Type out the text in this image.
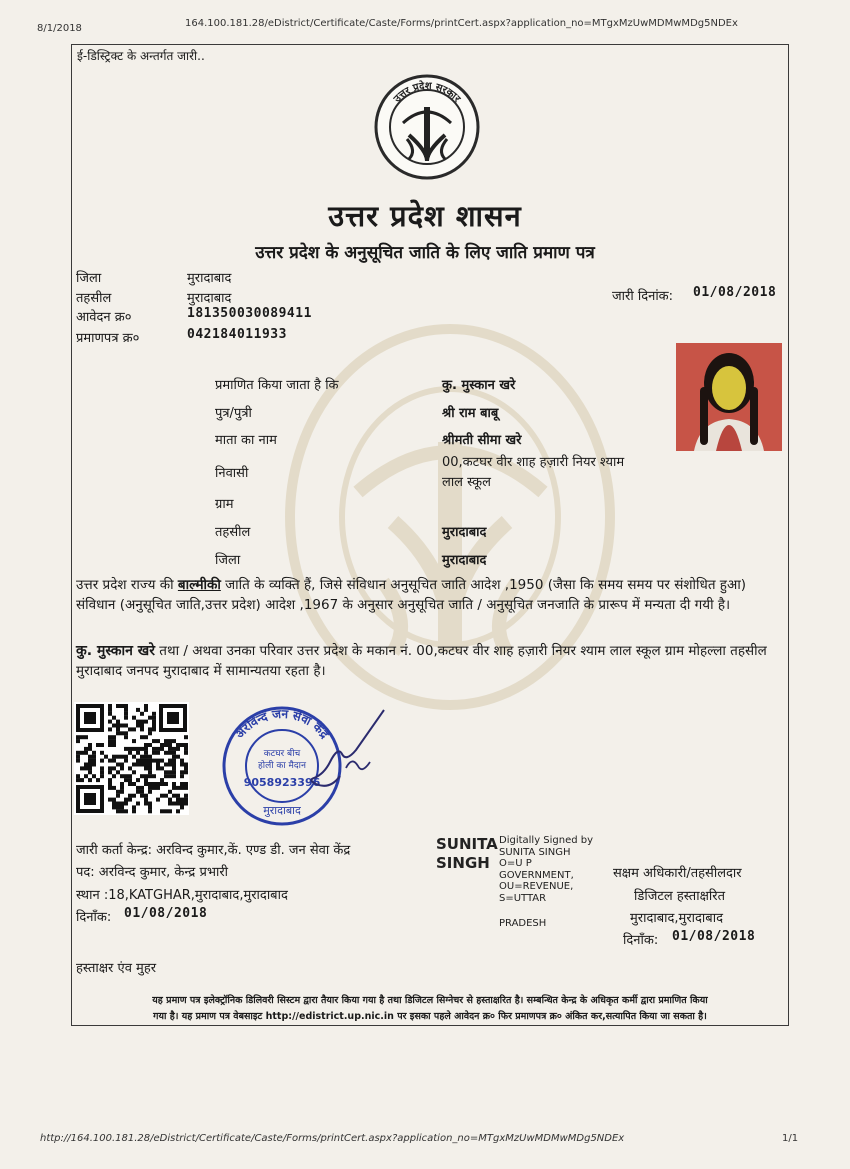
8/1/2018	164.100.181.28/eDistrict/Certificate/Caste/Forms/printCert.aspx?application_no=MTgxMzUwMDMwMDg5NDEx
http://164.100.181.28/eDistrict/Certificate/Caste/Forms/printCert.aspx?application_no=MTgxMzUwMDMwMDg5NDEx	1/1
ई-डिस्ट्रिक्ट के अन्तर्गत जारी..
उत्तर प्रदेश सरकार
उत्तर प्रदेश शासन
उत्तर प्रदेश के अनुसूचित जाति के लिए जाति प्रमाण पत्र
जिला	मुरादाबाद
तहसील	मुरादाबाद
आवेदन क्र०	181350030089411
प्रमाणपत्र क्र०	042184011933
जारी दिनांक: 01/08/2018
प्रमाणित किया जाता है कि	कु. मुस्कान खरे
पुत्र/पुत्री	श्री राम बाबू
माता का नाम	श्रीमती सीमा खरे
निवासी
00,कटघर वीर शाह हज़ारी नियर श्याम
लाल स्कूल
ग्राम
तहसील	मुरादाबाद
जिला	मुरादाबाद
उत्तर प्रदेश राज्य की बाल्मीकी जाति के व्यक्ति हैं, जिसे संविधान अनुसूचित जाति आदेश ,1950 (जैसा कि समय समय पर संशोधित हुआ) संविधान (अनुसूचित जाति,उत्तर प्रदेश) आदेश ,1967 के अनुसार अनुसूचित जाति / अनुसूचित जनजाति के प्रारूप में मन्यता दी गयी है।
कु. मुस्कान खरे तथा / अथवा उनका परिवार उत्तर प्रदेश के मकान नं. 00,कटघर वीर शाह हज़ारी नियर श्याम लाल स्कूल ग्राम मोहल्ला तहसील मुरादाबाद जनपद मुरादाबाद में सामान्यतया रहता है।
अरविन्द जन सेवा केंद्र
कटघर बीच
होली का मैदान
9058923396
मुरादाबाद
जारी कर्ता केन्द्र: अरविन्द कुमार,कें. एण्ड डी. जन सेवा केंद्र
पद: अरविन्द कुमार, केन्द्र प्रभारी
स्थान :18,KATGHAR,मुरादाबाद,मुरादाबाद
दिनाँक: 01/08/2018
SUNITA
SINGH
Digitally Signed by
SUNITA SINGH
O=U P
GOVERNMENT,
OU=REVENUE,
S=UTTAR
PRADESH
सक्षम अधिकारी/तहसीलदार
डिजिटल हस्ताक्षरित
मुरादाबाद,मुरादाबाद
दिनाँक: 01/08/2018
हस्ताक्षर एंव मुहर
यह प्रमाण पत्र इलेक्ट्रॉनिक डिलिवरी सिस्टम द्वारा तैयार किया गया है तथा डिजिटल सिग्नेचर से हस्ताक्षरित है। सम्बन्धित केन्द्र के अधिकृत कर्मी द्वारा प्रमाणित किया
गया है। यह प्रमाण पत्र वेबसाइट http://edistrict.up.nic.in पर इसका पहले आवेदन क्र० फिर प्रमाणपत्र क्र० अंकित कर,सत्यापित किया जा सकता है।
